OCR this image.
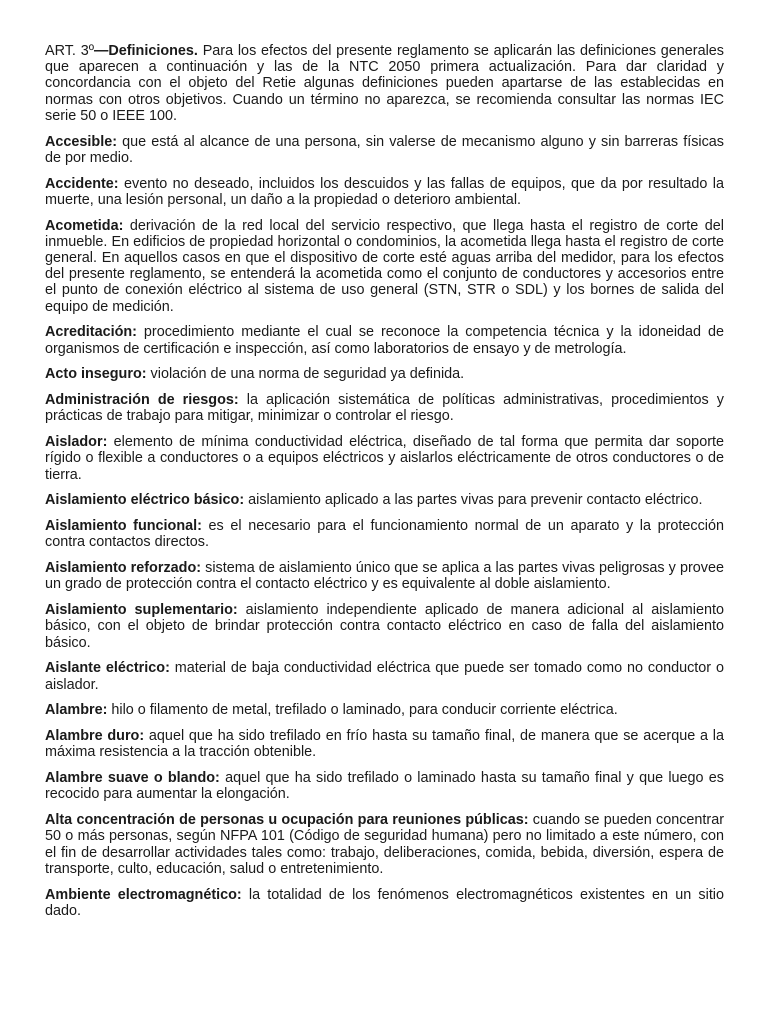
ART. 3º—Definiciones. Para los efectos del presente reglamento se aplicarán las definiciones generales que aparecen a continuación y las de la NTC 2050 primera actualización. Para dar claridad y concordancia con el objeto del Retie algunas definiciones pueden apartarse de las establecidas en normas con otros objetivos. Cuando un término no aparezca, se recomienda consultar las normas IEC serie 50 o IEEE 100.

Accesible: que está al alcance de una persona, sin valerse de mecanismo alguno y sin barreras físicas de por medio.

Accidente: evento no deseado, incluidos los descuidos y las fallas de equipos, que da por resultado la muerte, una lesión personal, un daño a la propiedad o deterioro ambiental.

Acometida: derivación de la red local del servicio respectivo, que llega hasta el registro de corte del inmueble. En edificios de propiedad horizontal o condominios, la acometida llega hasta el registro de corte general. En aquellos casos en que el dispositivo de corte esté aguas arriba del medidor, para los efectos del presente reglamento, se entenderá la acometida como el conjunto de conductores y accesorios entre el punto de conexión eléctrico al sistema de uso general (STN, STR o SDL) y los bornes de salida del equipo de medición.

Acreditación: procedimiento mediante el cual se reconoce la competencia técnica y la idoneidad de organismos de certificación e inspección, así como laboratorios de ensayo y de metrología.

Acto inseguro: violación de una norma de seguridad ya definida.

Administración de riesgos: la aplicación sistemática de políticas administrativas, procedimientos y prácticas de trabajo para mitigar, minimizar o controlar el riesgo.

Aislador: elemento de mínima conductividad eléctrica, diseñado de tal forma que permita dar soporte rígido o flexible a conductores o a equipos eléctricos y aislarlos eléctricamente de otros conductores o de tierra.

Aislamiento eléctrico básico: aislamiento aplicado a las partes vivas para prevenir contacto eléctrico.

Aislamiento funcional: es el necesario para el funcionamiento normal de un aparato y la protección contra contactos directos.

Aislamiento reforzado: sistema de aislamiento único que se aplica a las partes vivas peligrosas y provee un grado de protección contra el contacto eléctrico y es equivalente al doble aislamiento.

Aislamiento suplementario: aislamiento independiente aplicado de manera adicional al aislamiento básico, con el objeto de brindar protección contra contacto eléctrico en caso de falla del aislamiento básico.

Aislante eléctrico: material de baja conductividad eléctrica que puede ser tomado como no conductor o aislador.

Alambre: hilo o filamento de metal, trefilado o laminado, para conducir corriente eléctrica.

Alambre duro: aquel que ha sido trefilado en frío hasta su tamaño final, de manera que se acerque a la máxima resistencia a la tracción obtenible.

Alambre suave o blando: aquel que ha sido trefilado o laminado hasta su tamaño final y que luego es recocido para aumentar la elongación.

Alta concentración de personas u ocupación para reuniones públicas: cuando se pueden concentrar 50 o más personas, según NFPA 101 (Código de seguridad humana) pero no limitado a este número, con el fin de desarrollar actividades tales como: trabajo, deliberaciones, comida, bebida, diversión, espera de transporte, culto, educación, salud o entretenimiento.

Ambiente electromagnético: la totalidad de los fenómenos electromagnéticos existentes en un sitio dado.
